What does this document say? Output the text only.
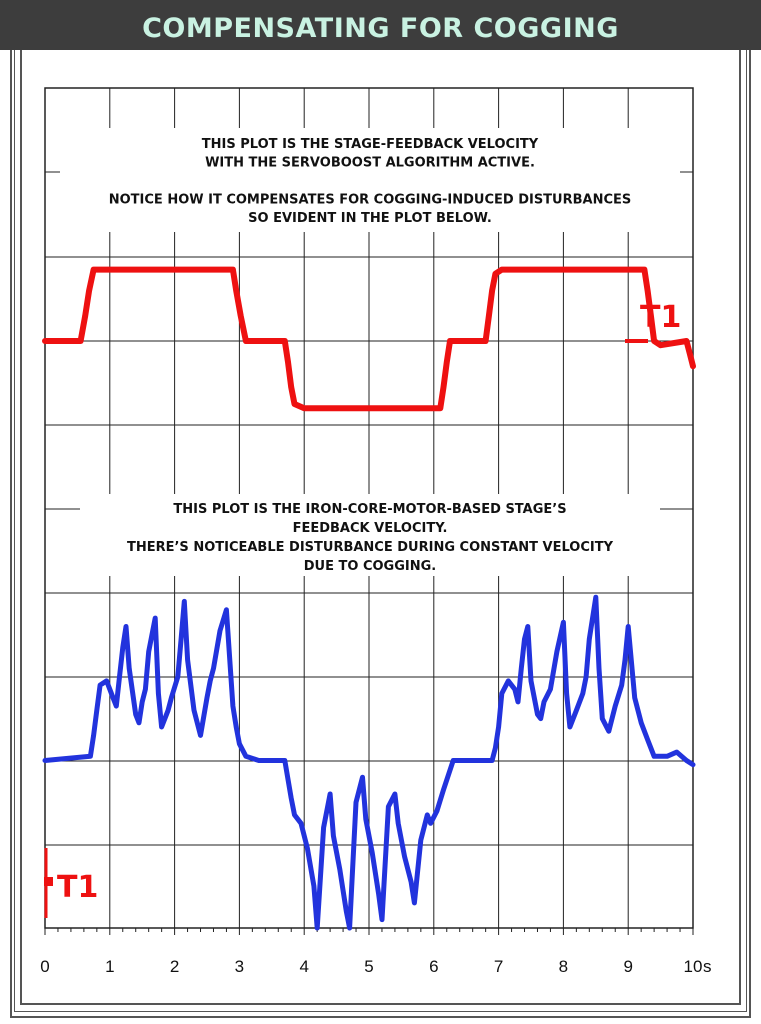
COMPENSATING FOR COGGING
THIS PLOT IS THE STAGE-FEEDBACK VELOCITY
WITH THE SERVOBOOST ALGORITHM ACTIVE.
NOTICE HOW IT COMPENSATES FOR COGGING-INDUCED DISTURBANCES
SO EVIDENT IN THE PLOT BELOW.
T1
THIS PLOT IS THE IRON-CORE-MOTOR-BASED STAGE’S
FEEDBACK VELOCITY.
THERE’S NOTICEABLE DISTURBANCE DURING CONSTANT VELOCITY
DUE TO COGGING.
T1
0	1	2	3	4	5	6	7	8	9	10 s
